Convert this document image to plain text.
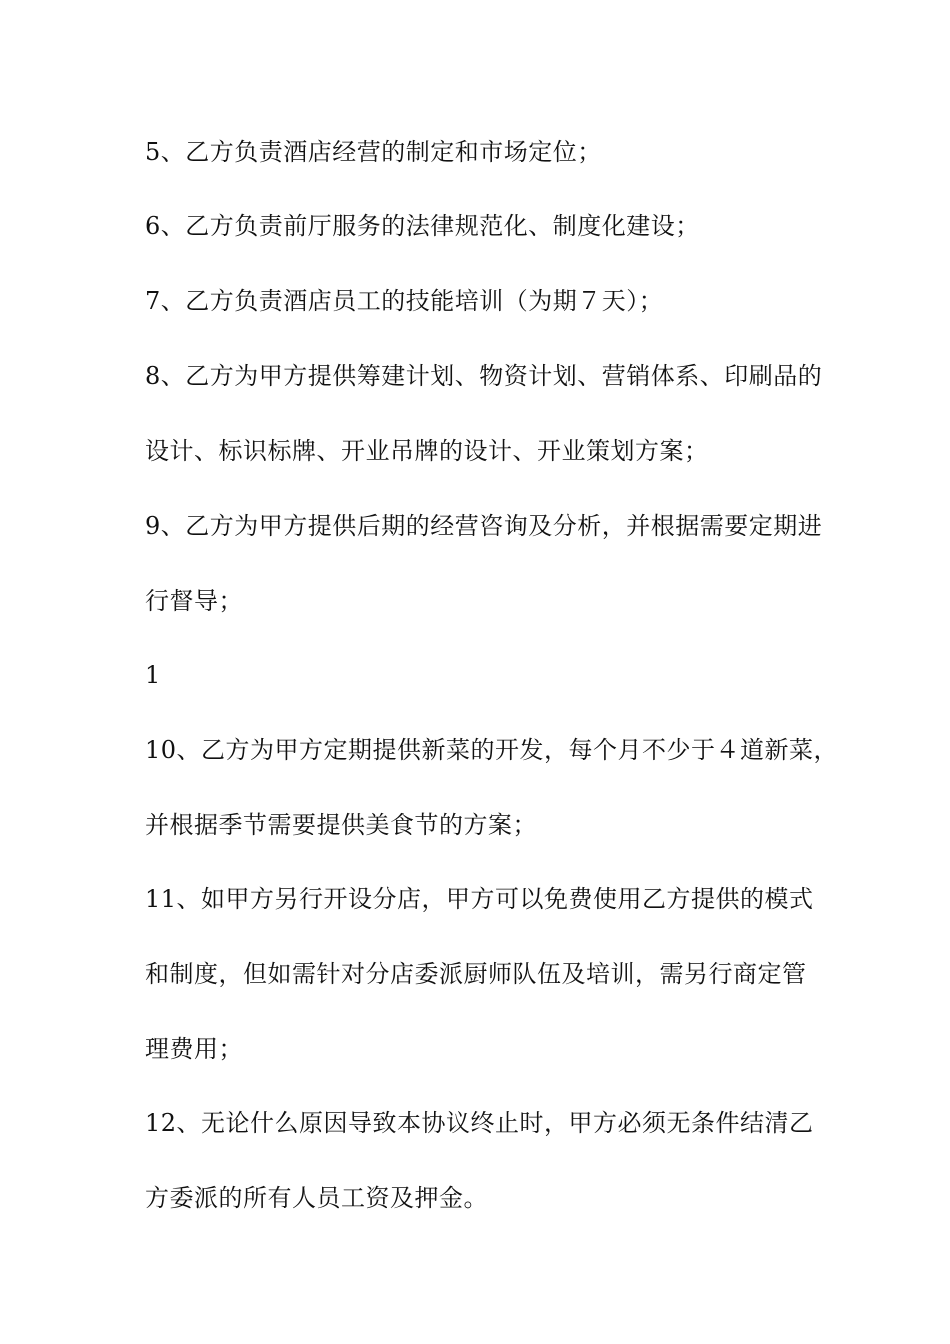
5、乙方负责酒店经营的制定和市场定位；
6、乙方负责前厅服务的法律规范化、制度化建设；
7、乙方负责酒店员工的技能培训（为期７天）；
8、乙方为甲方提供筹建计划、物资计划、营销体系、印刷品的
设计、标识标牌、开业吊牌的设计、开业策划方案；
9、乙方为甲方提供后期的经营咨询及分析，并根据需要定期进
行督导；
1
10、乙方为甲方定期提供新菜的开发，每个月不少于４道新菜，
并根据季节需要提供美食节的方案；
11、如甲方另行开设分店，甲方可以免费使用乙方提供的模式
和制度，但如需针对分店委派厨师队伍及培训，需另行商定管
理费用；
12、无论什么原因导致本协议终止时，甲方必须无条件结清乙
方委派的所有人员工资及押金。
